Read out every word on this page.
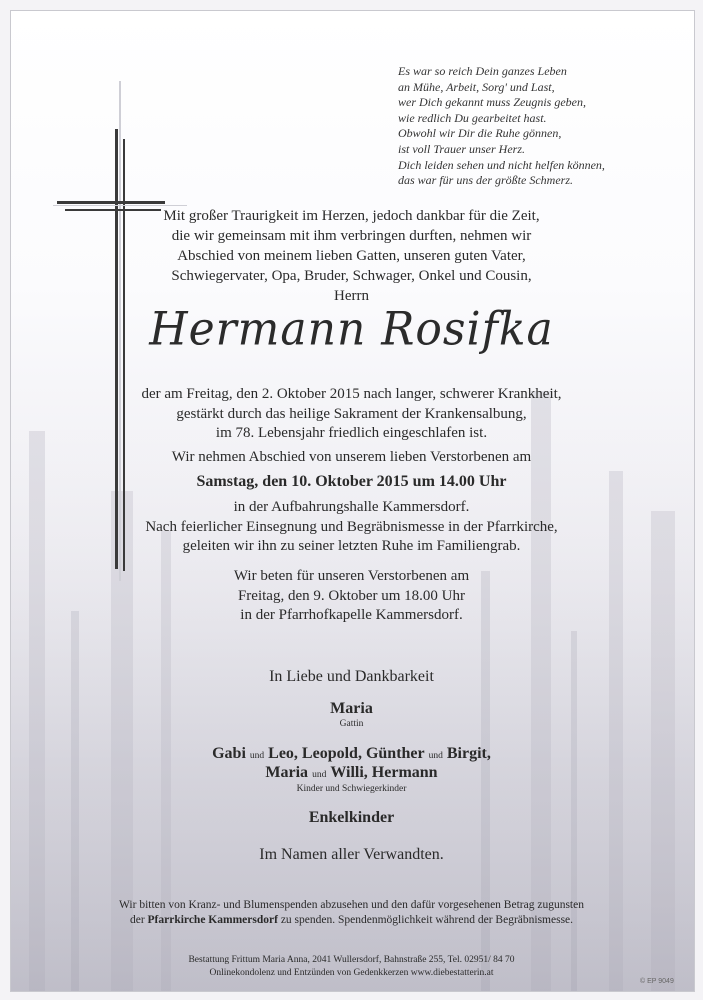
Es war so reich Dein ganzes Leben
an Mühe, Arbeit, Sorg' und Last,
wer Dich gekannt muss Zeugnis geben,
wie redlich Du gearbeitet hast.
Obwohl wir Dir die Ruhe gönnen,
ist voll Trauer unser Herz.
Dich leiden sehen und nicht helfen können,
das war für uns der größte Schmerz.
Mit großer Traurigkeit im Herzen, jedoch dankbar für die Zeit,
die wir gemeinsam mit ihm verbringen durften, nehmen wir
Abschied von meinem lieben Gatten, unseren guten Vater,
Schwiegervater, Opa, Bruder, Schwager, Onkel und Cousin,
Herrn
Hermann Rosifka
der am Freitag, den 2. Oktober 2015 nach langer, schwerer Krankheit,
gestärkt durch das heilige Sakrament der Krankensalbung,
im 78. Lebensjahr friedlich eingeschlafen ist.
Wir nehmen Abschied von unserem lieben Verstorbenen am
Samstag, den 10. Oktober 2015 um 14.00 Uhr
in der Aufbahrungshalle Kammersdorf.
Nach feierlicher Einsegnung und Begräbnismesse in der Pfarrkirche,
geleiten wir ihn zu seiner letzten Ruhe im Familiengrab.
Wir beten für unseren Verstorbenen am
Freitag, den 9. Oktober um 18.00 Uhr
in der Pfarrhofkapelle Kammersdorf.
In Liebe und Dankbarkeit
Maria
Gattin
Gabi und Leo, Leopold, Günther und Birgit,
Maria und Willi, Hermann
Kinder und Schwiegerkinder
Enkelkinder
Im Namen aller Verwandten.
Wir bitten von Kranz- und Blumenspenden abzusehen und den dafür vorgesehenen Betrag zugunsten
der Pfarrkirche Kammersdorf zu spenden. Spendenmöglichkeit während der Begräbnismesse.
Bestattung Frittum Maria Anna, 2041 Wullersdorf, Bahnstraße 255, Tel. 02951/ 84 70
Onlinekondolenz und Entzünden von Gedenkkerzen www.diebestatterin.at
© EP 9049
